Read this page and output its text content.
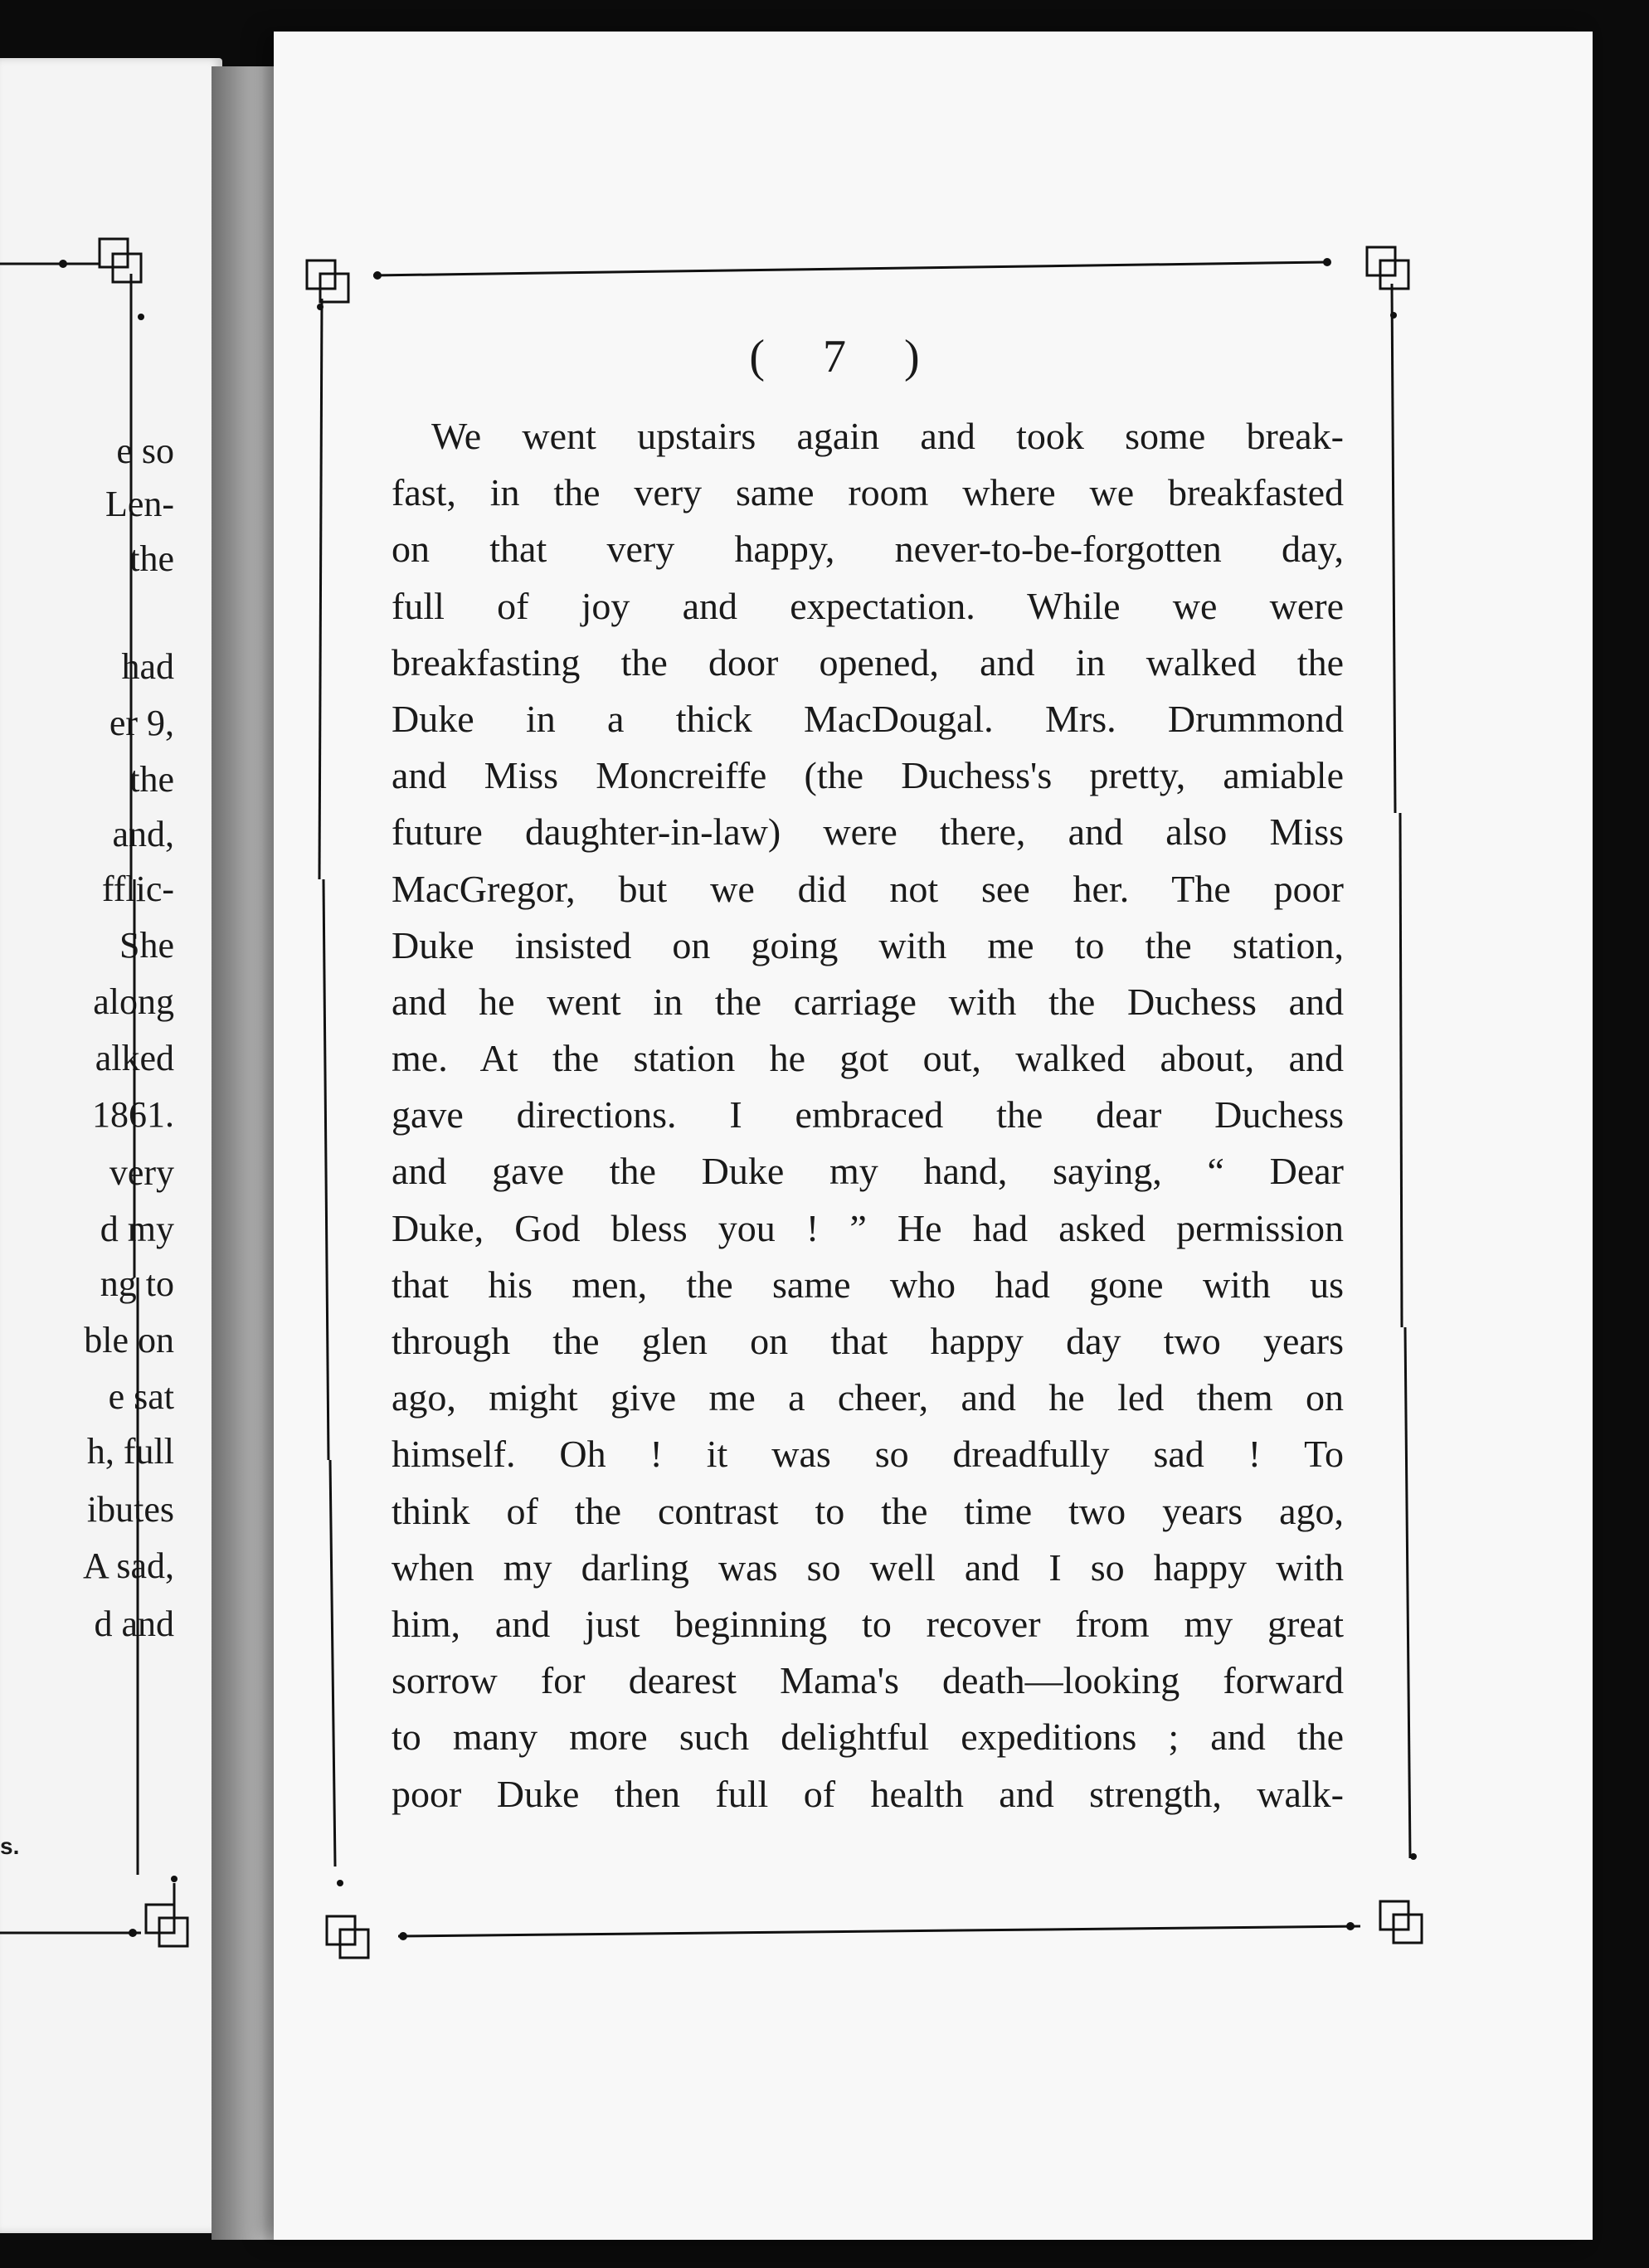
e so
Len-
the
had
er 9,
the
and,
fflic-
She
along
alked
1861.
very
d my
ng to
ble on
e sat
h, full
ibutes
A sad,
d and
s.
( 7 )
We went upstairs again and took some break-
fast, in the very same room where we breakfasted
on that very happy, never-to-be-forgotten day,
full of joy and expectation. While we were
breakfasting the door opened, and in walked the
Duke in a thick MacDougal. Mrs. Drummond
and Miss Moncreiffe (the Duchess's pretty, amiable
future daughter-in-law) were there, and also Miss
MacGregor, but we did not see her. The poor
Duke insisted on going with me to the station,
and he went in the carriage with the Duchess and
me. At the station he got out, walked about, and
gave directions. I embraced the dear Duchess
and gave the Duke my hand, saying, “ Dear
Duke, God bless you ! ” He had asked permission
that his men, the same who had gone with us
through the glen on that happy day two years
ago, might give me a cheer, and he led them on
himself. Oh ! it was so dreadfully sad ! To
think of the contrast to the time two years ago,
when my darling was so well and I so happy with
him, and just beginning to recover from my great
sorrow for dearest Mama's death—looking forward
to many more such delightful expeditions ; and the
poor Duke then full of health and strength, walk-
